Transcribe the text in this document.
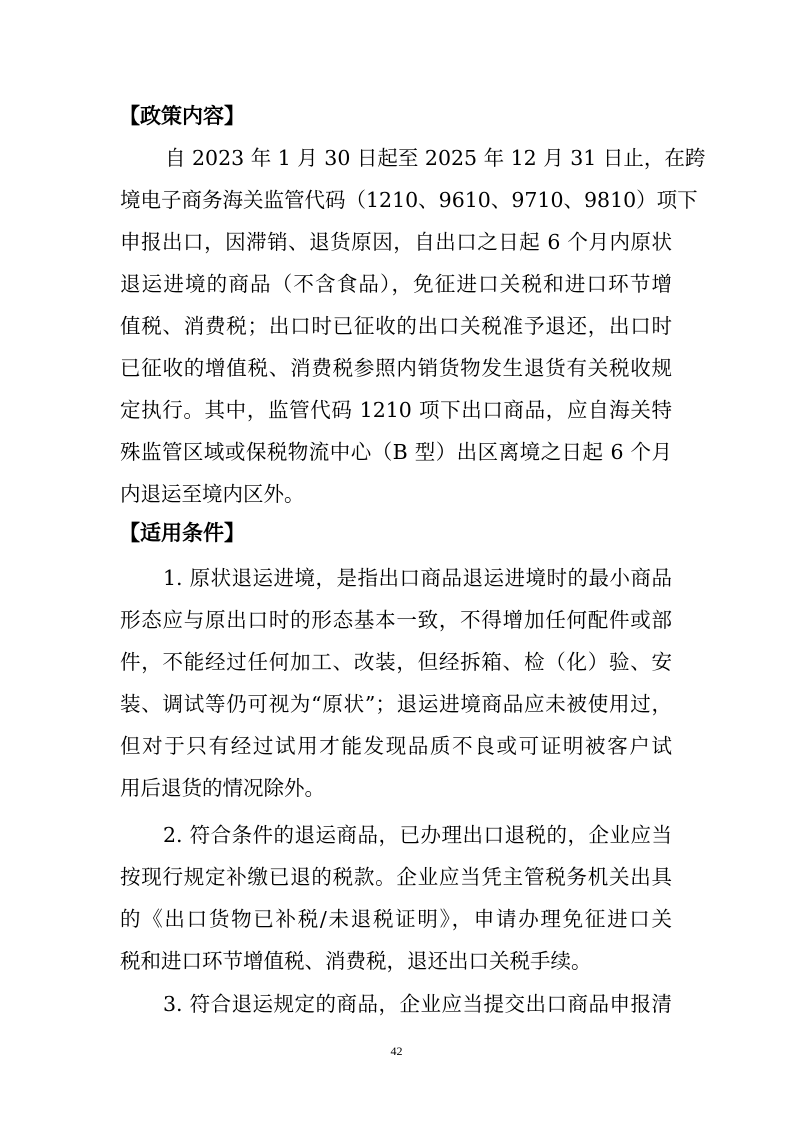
【政策内容】
自 2023 年 1 月 30 日起至 2025 年 12 月 31 日止，在跨
境电子商务海关监管代码（1210、9610、9710、9810）项下
申报出口，因滞销、退货原因，自出口之日起 6 个月内原状
退运进境的商品（不含食品），免征进口关税和进口环节增
值税、消费税；出口时已征收的出口关税准予退还，出口时
已征收的增值税、消费税参照内销货物发生退货有关税收规
定执行。其中，监管代码 1210 项下出口商品，应自海关特
殊监管区域或保税物流中心（B 型）出区离境之日起 6 个月
内退运至境内区外。
【适用条件】
1. 原状退运进境，是指出口商品退运进境时的最小商品
形态应与原出口时的形态基本一致，不得增加任何配件或部
件，不能经过任何加工、改装，但经拆箱、检（化）验、安
装、调试等仍可视为“原状”；退运进境商品应未被使用过，
但对于只有经过试用才能发现品质不良或可证明被客户试
用后退货的情况除外。
2. 符合条件的退运商品，已办理出口退税的，企业应当
按现行规定补缴已退的税款。企业应当凭主管税务机关出具
的《出口货物已补税/未退税证明》，申请办理免征进口关
税和进口环节增值税、消费税，退还出口关税手续。
3. 符合退运规定的商品，企业应当提交出口商品申报清
42
